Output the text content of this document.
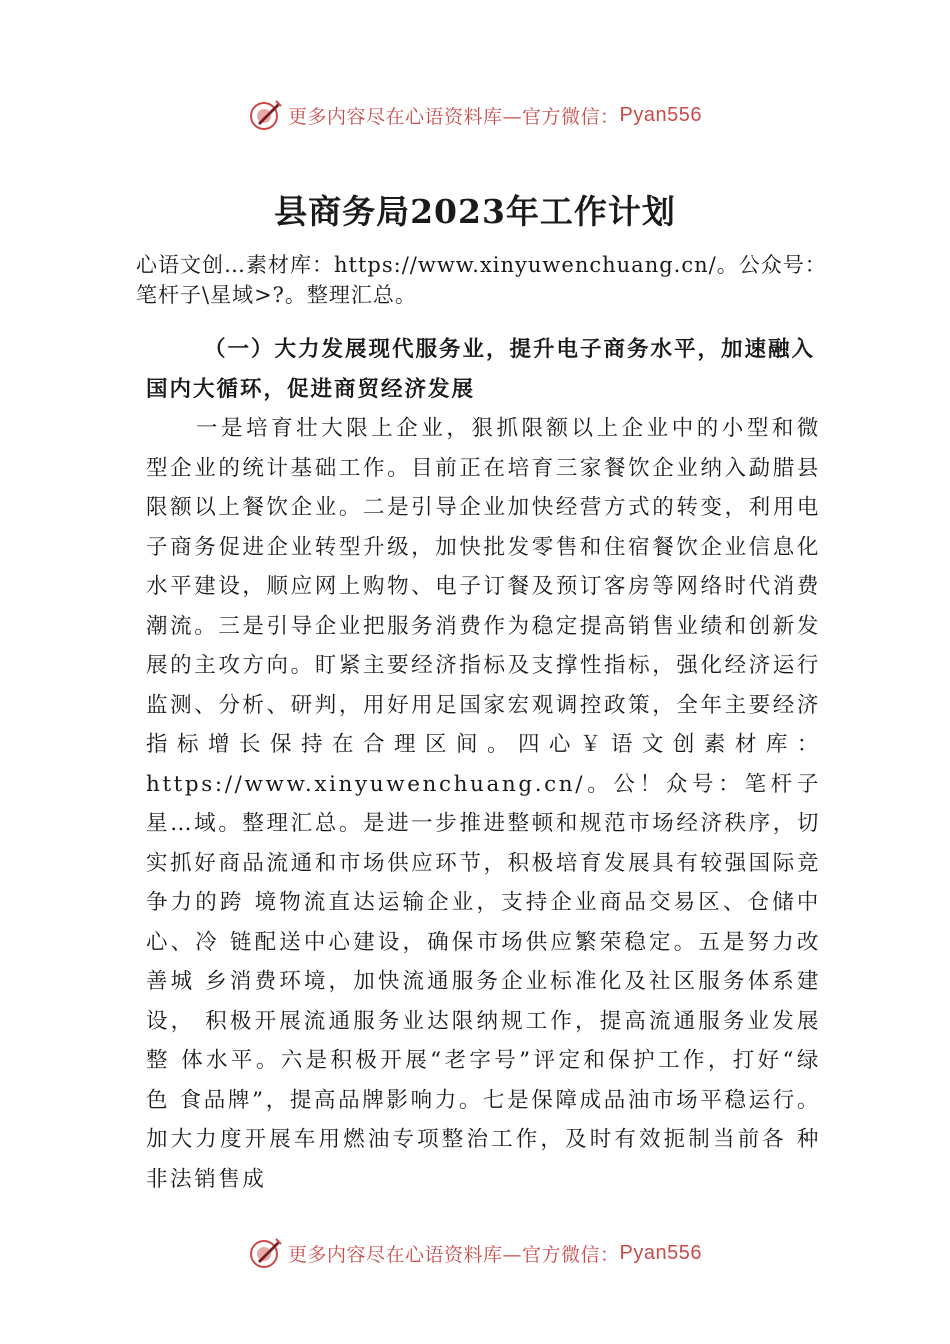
更多内容尽在心语资料库—官方微信： Pyan556
县商务局2023年工作计划
心语文创…素材库：https://www.xinyuwenchuang.cn/。公众号：笔杆子\星域>?。整理汇总。

（一）大力发展现代服务业，提升电子商务水平，加速融入国内大循环，促进商贸经济发展

一是培育壮大限上企业，狠抓限额以上企业中的小型和微型企业的统计基础工作。目前正在培育三家餐饮企业纳入勐腊县限额以上餐饮企业。二是引导企业加快经营方式的转变，利用电子商务促进企业转型升级，加快批发零售和住宿餐饮企业信息化水平建设，顺应网上购物、电子订餐及预订客房等网络时代消费潮流。三是引导企业把服务消费作为稳定提高销售业绩和创新发展的主攻方向。盯紧主要经济指标及支撑性指标，强化经济运行监测、分析、研判，用好用足国家宏观调控政策，全年主要经济指标增长保持在合理区间。四心￥语文创素材库：https://www.xinyuwenchuang.cn/。公！众号：笔杆子星…域。整理汇总。是进一步推进整顿和规范市场经济秩序，切实抓好商品流通和市场供应环节，积极培育发展具有较强国际竞争力的跨 境物流直达运输企业，支持企业商品交易区、仓储中心、冷 链配送中心建设，确保市场供应繁荣稳定。五是努力改善城 乡消费环境，加快流通服务企业标准化及社区服务体系建设， 积极开展流通服务业达限纳规工作，提高流通服务业发展整 体水平。六是积极开展“老字号”评定和保护工作，打好“绿色 食品牌”，提高品牌影响力。七是保障成品油市场平稳运行。加大力度开展车用燃油专项整治工作，及时有效扼制当前各 种非法销售成

更多内容尽在心语资料库—官方微信： Pyan556
